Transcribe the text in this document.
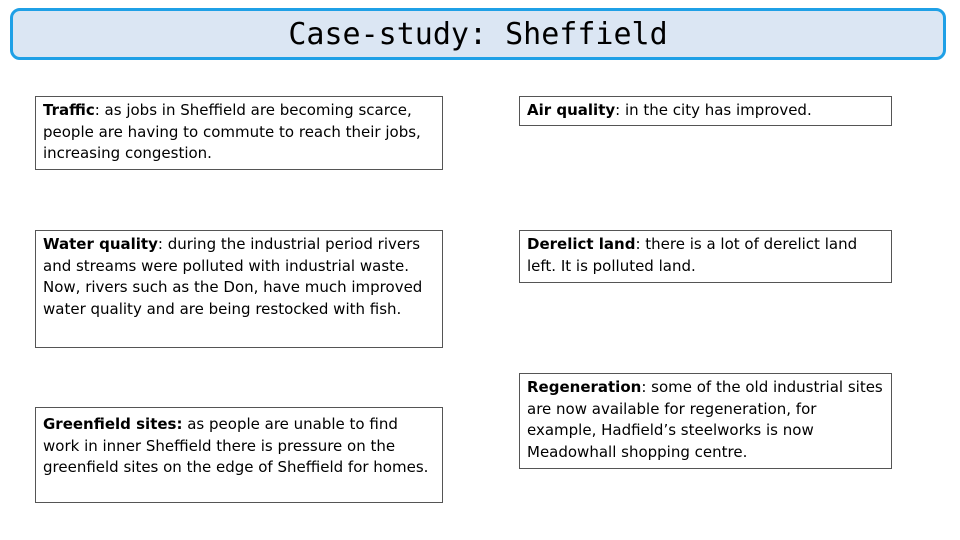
Case-study: Sheffield
Traffic: as jobs in Sheffield are becoming scarce, people are having to commute to reach their jobs, increasing congestion.
Air quality: in the city has improved.
Water quality: during the industrial period rivers and streams were polluted with industrial waste. Now, rivers such as the Don, have much improved water quality and are being restocked with fish.
Derelict land: there is a lot of derelict land left. It is polluted land.
Greenfield sites: as people are unable to find work in inner Sheffield there is pressure on the greenfield sites on the edge of Sheffield for homes.
Regeneration: some of the old industrial sites are now available for regeneration, for example, Hadfield’s steelworks is now Meadowhall shopping centre.
